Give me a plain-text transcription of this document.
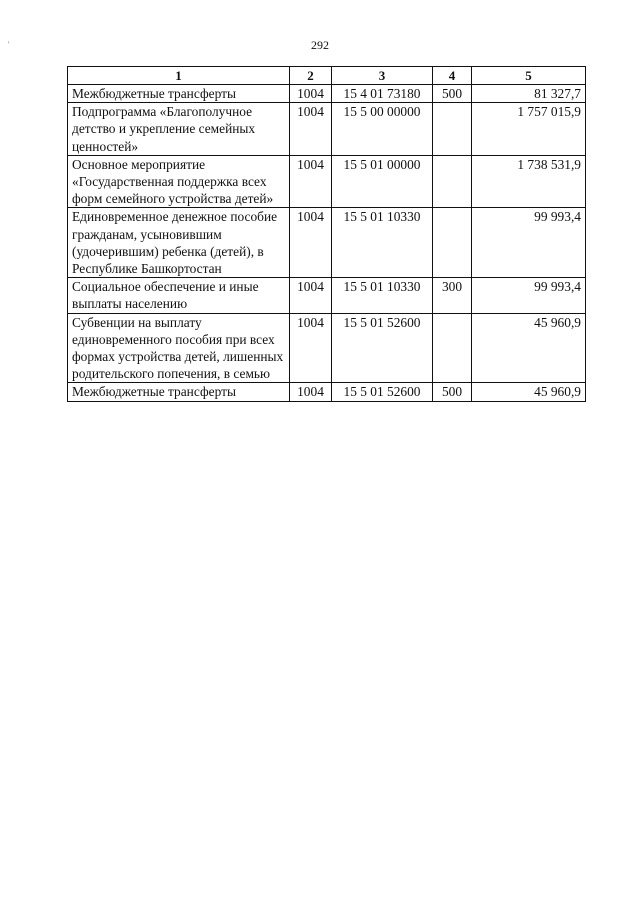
292
'
1	2	3	4	5
Межбюджетные трансферты	1004	15 4 01 73180	500	81 327,7
Подпрограмма «Благополучное детство и укрепление семейных ценностей»	1004	15 5 00 00000		1 757 015,9
Основное мероприятие «Государственная поддержка всех форм семейного устройства детей»	1004	15 5 01 00000		1 738 531,9
Единовременное денежное пособие гражданам, усыновившим (удочерившим) ребенка (детей), в Республике Башкортостан	1004	15 5 01 10330		99 993,4
Социальное обеспечение и иные выплаты населению	1004	15 5 01 10330	300	99 993,4
Субвенции на выплату единовременного пособия при всех формах устройства детей, лишенных родительского попечения, в семью	1004	15 5 01 52600		45 960,9
Межбюджетные трансферты	1004	15 5 01 52600	500	45 960,9
